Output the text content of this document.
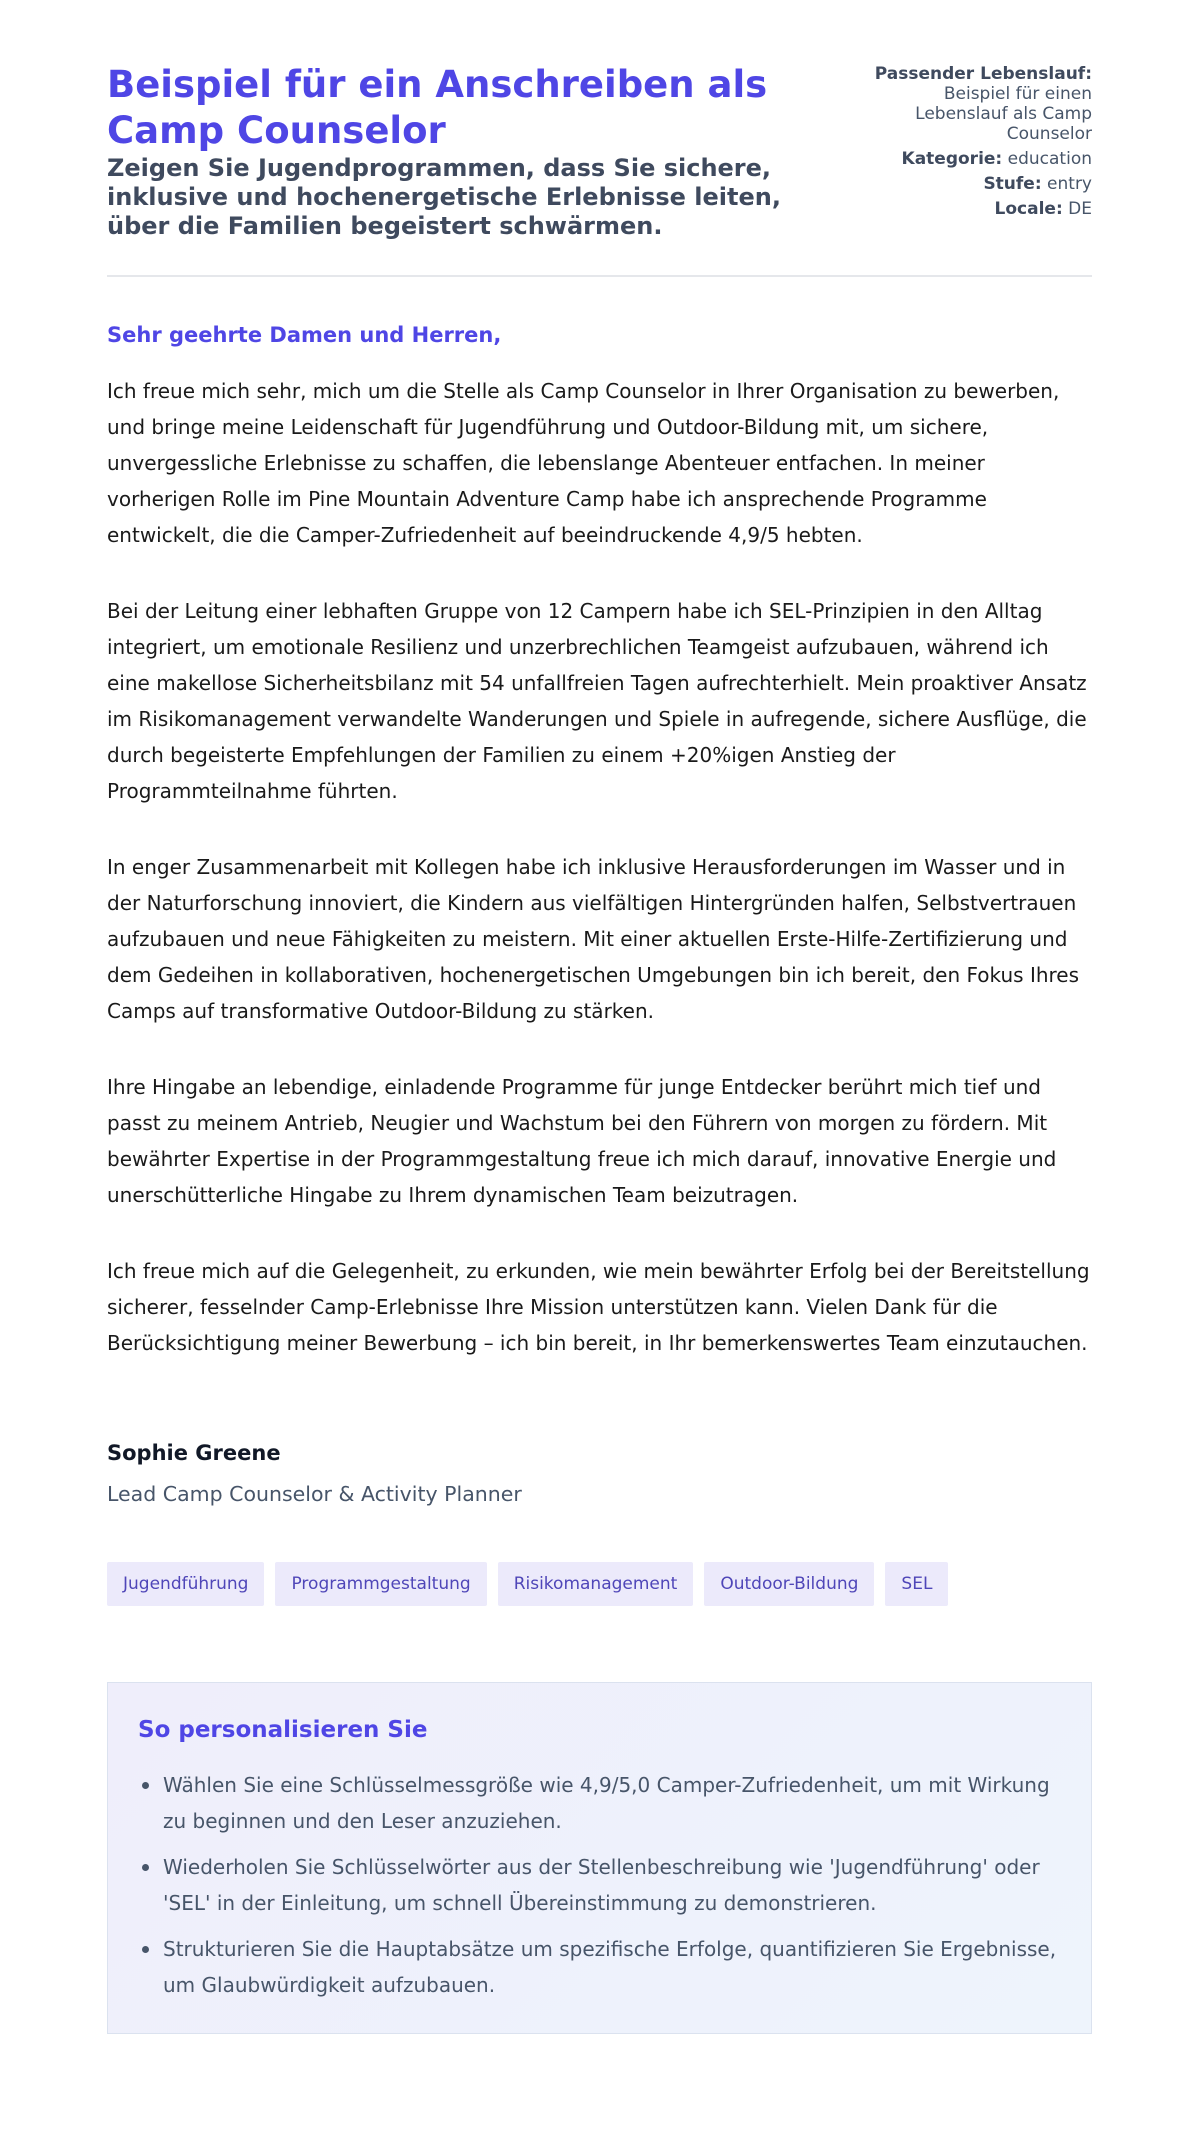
Beispiel für ein Anschreiben als Camp Counselor
Zeigen Sie Jugendprogrammen, dass Sie sichere, inklusive und hochenergetische Erlebnisse leiten, über die Familien begeistert schwärmen.
Passender Lebenslauf:
Beispiel für einen Lebenslauf als Camp Counselor
Kategorie: education
Stufe: entry
Locale: DE

Sehr geehrte Damen und Herren,

Ich freue mich sehr, mich um die Stelle als Camp Counselor in Ihrer Organisation zu bewerben, und bringe meine Leidenschaft für Jugendführung und Outdoor-Bildung mit, um sichere, unvergessliche Erlebnisse zu schaffen, die lebenslange Abenteuer entfachen. In meiner vorherigen Rolle im Pine Mountain Adventure Camp habe ich ansprechende Programme entwickelt, die die Camper-Zufriedenheit auf beeindruckende 4,9/5 hebten.

Bei der Leitung einer lebhaften Gruppe von 12 Campern habe ich SEL-Prinzipien in den Alltag integriert, um emotionale Resilienz und unzerbrechlichen Teamgeist aufzubauen, während ich eine makellose Sicherheitsbilanz mit 54 unfallfreien Tagen aufrechterhielt. Mein proaktiver Ansatz im Risikomanagement verwandelte Wanderungen und Spiele in aufregende, sichere Ausflüge, die durch begeisterte Empfehlungen der Familien zu einem +20%igen Anstieg der Programmteilnahme führten.

In enger Zusammenarbeit mit Kollegen habe ich inklusive Herausforderungen im Wasser und in der Naturforschung innoviert, die Kindern aus vielfältigen Hintergründen halfen, Selbstvertrauen aufzubauen und neue Fähigkeiten zu meistern. Mit einer aktuellen Erste-Hilfe-Zertifizierung und dem Gedeihen in kollaborativen, hochenergetischen Umgebungen bin ich bereit, den Fokus Ihres Camps auf transformative Outdoor-Bildung zu stärken.

Ihre Hingabe an lebendige, einladende Programme für junge Entdecker berührt mich tief und passt zu meinem Antrieb, Neugier und Wachstum bei den Führern von morgen zu fördern. Mit bewährter Expertise in der Programmgestaltung freue ich mich darauf, innovative Energie und unerschütterliche Hingabe zu Ihrem dynamischen Team beizutragen.

Ich freue mich auf die Gelegenheit, zu erkunden, wie mein bewährter Erfolg bei der Bereitstellung sicherer, fesselnder Camp-Erlebnisse Ihre Mission unterstützen kann. Vielen Dank für die Berücksichtigung meiner Bewerbung – ich bin bereit, in Ihr bemerkenswertes Team einzutauchen.

Sophie Greene
Lead Camp Counselor & Activity Planner
Jugendführung	Programmgestaltung	Risikomanagement	Outdoor-Bildung	SEL
So personalisieren Sie
Wählen Sie eine Schlüsselmessgröße wie 4,9/5,0 Camper-Zufriedenheit, um mit Wirkung zu beginnen und den Leser anzuziehen.
Wiederholen Sie Schlüsselwörter aus der Stellenbeschreibung wie 'Jugendführung' oder 'SEL' in der Einleitung, um schnell Übereinstimmung zu demonstrieren.
Strukturieren Sie die Hauptabsätze um spezifische Erfolge, quantifizieren Sie Ergebnisse, um Glaubwürdigkeit aufzubauen.
